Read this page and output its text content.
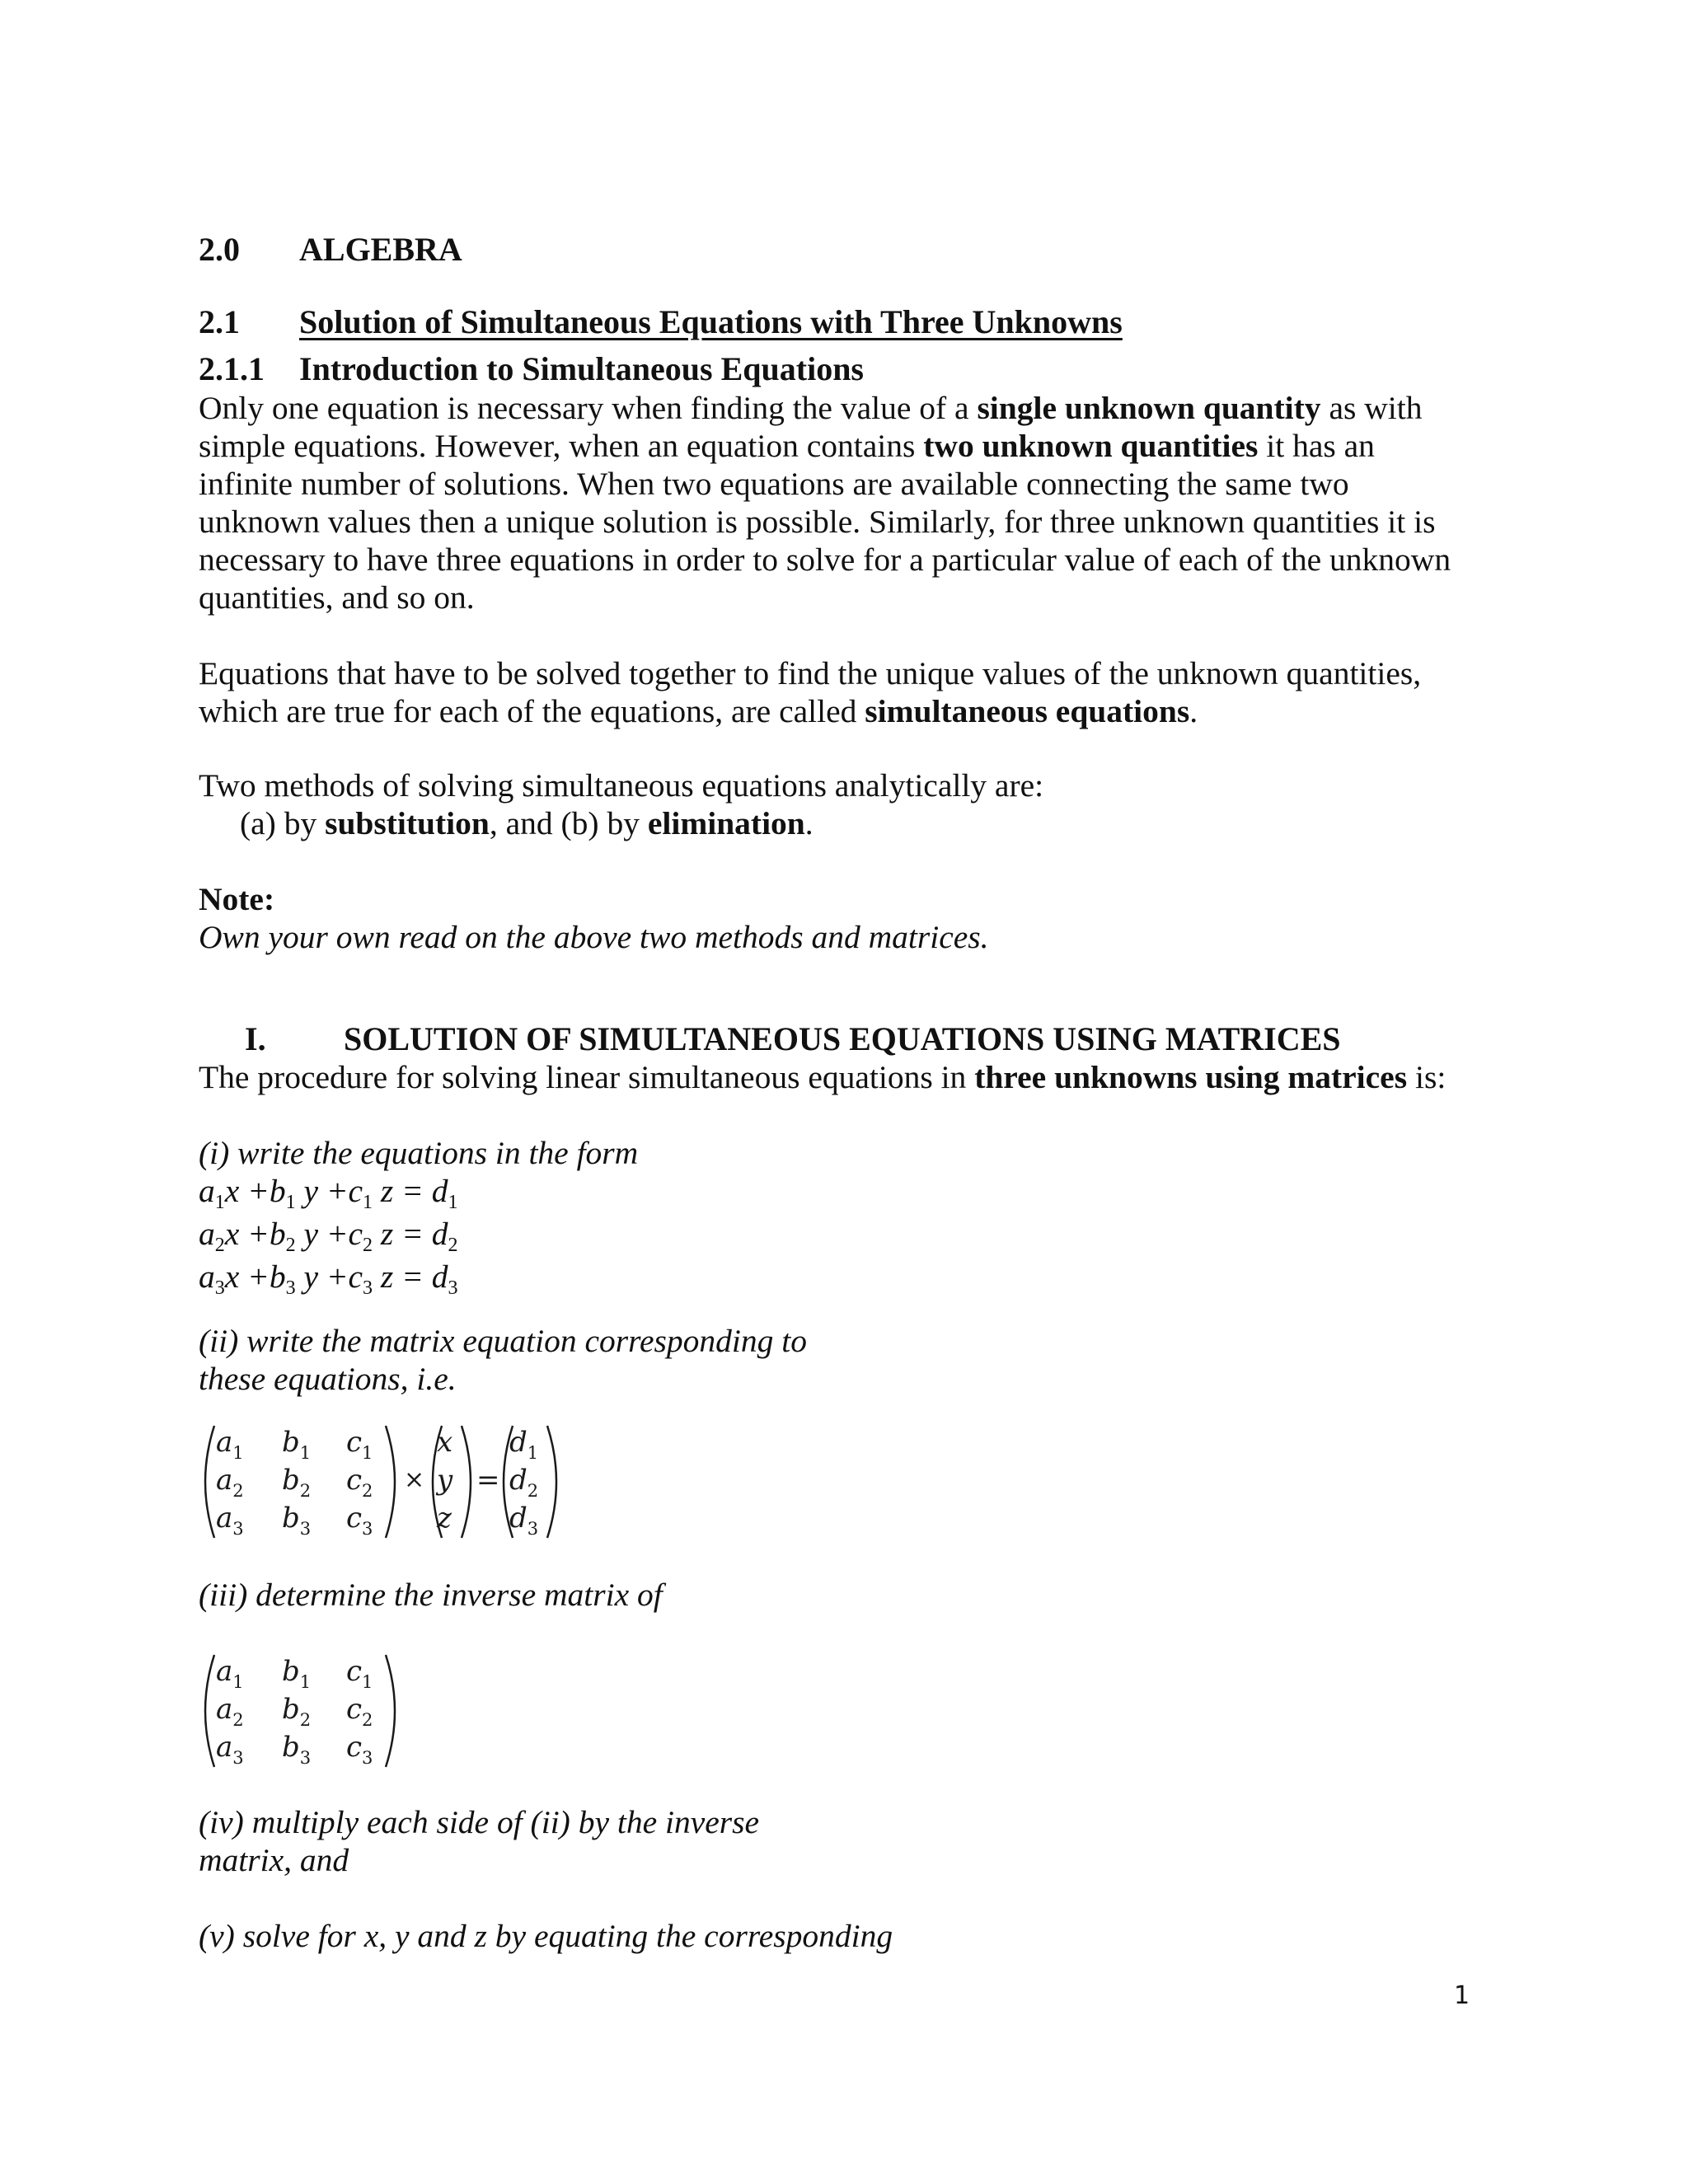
2.0 ALGEBRA
2.1 Solution of Simultaneous Equations with Three Unknowns
2.1.1 Introduction to Simultaneous Equations

Only one equation is necessary when finding the value of a single unknown quantity as with

simple equations. However, when an equation contains two unknown quantities it has an

infinite number of solutions. When two equations are available connecting the same two

unknown values then a unique solution is possible. Similarly, for three unknown quantities it is

necessary to have three equations in order to solve for a particular value of each of the unknown

quantities, and so on.

Equations that have to be solved together to find the unique values of the unknown quantities,

which are true for each of the equations, are called simultaneous equations.

Two methods of solving simultaneous equations analytically are:

(a) by substitution, and (b) by elimination.

Note:

Own your own read on the above two methods and matrices.

I. SOLUTION OF SIMULTANEOUS EQUATIONS USING MATRICES

The procedure for solving linear simultaneous equations in three unknowns using matrices is:

(i) write the equations in the form

$a_1x +b_1$ $y +c_1$ $z = d_1$

$a_2x +b_2$ $y +c_2$ $z = d_2$

$a_3x +b_3$ $y +c_3$ $z = d_3$

(ii) write the matrix equation corresponding to

these equations, i.e.

$a_1$ $b_1$ $c_1$
$a_2$ $b_2$ $c_2$
$a_3$ $b_3$ $c_3$
×
x
y
z
=
$d_1$
$d_2$
$d_3$

(iii) determine the inverse matrix of

$a_1$ $b_1$ $c_1$
$a_2$ $b_2$ $c_2$
$a_3$ $b_3$ $c_3$

(iv) multiply each side of (ii) by the inverse

matrix, and

(v) solve for x, y and z by equating the corresponding

1
